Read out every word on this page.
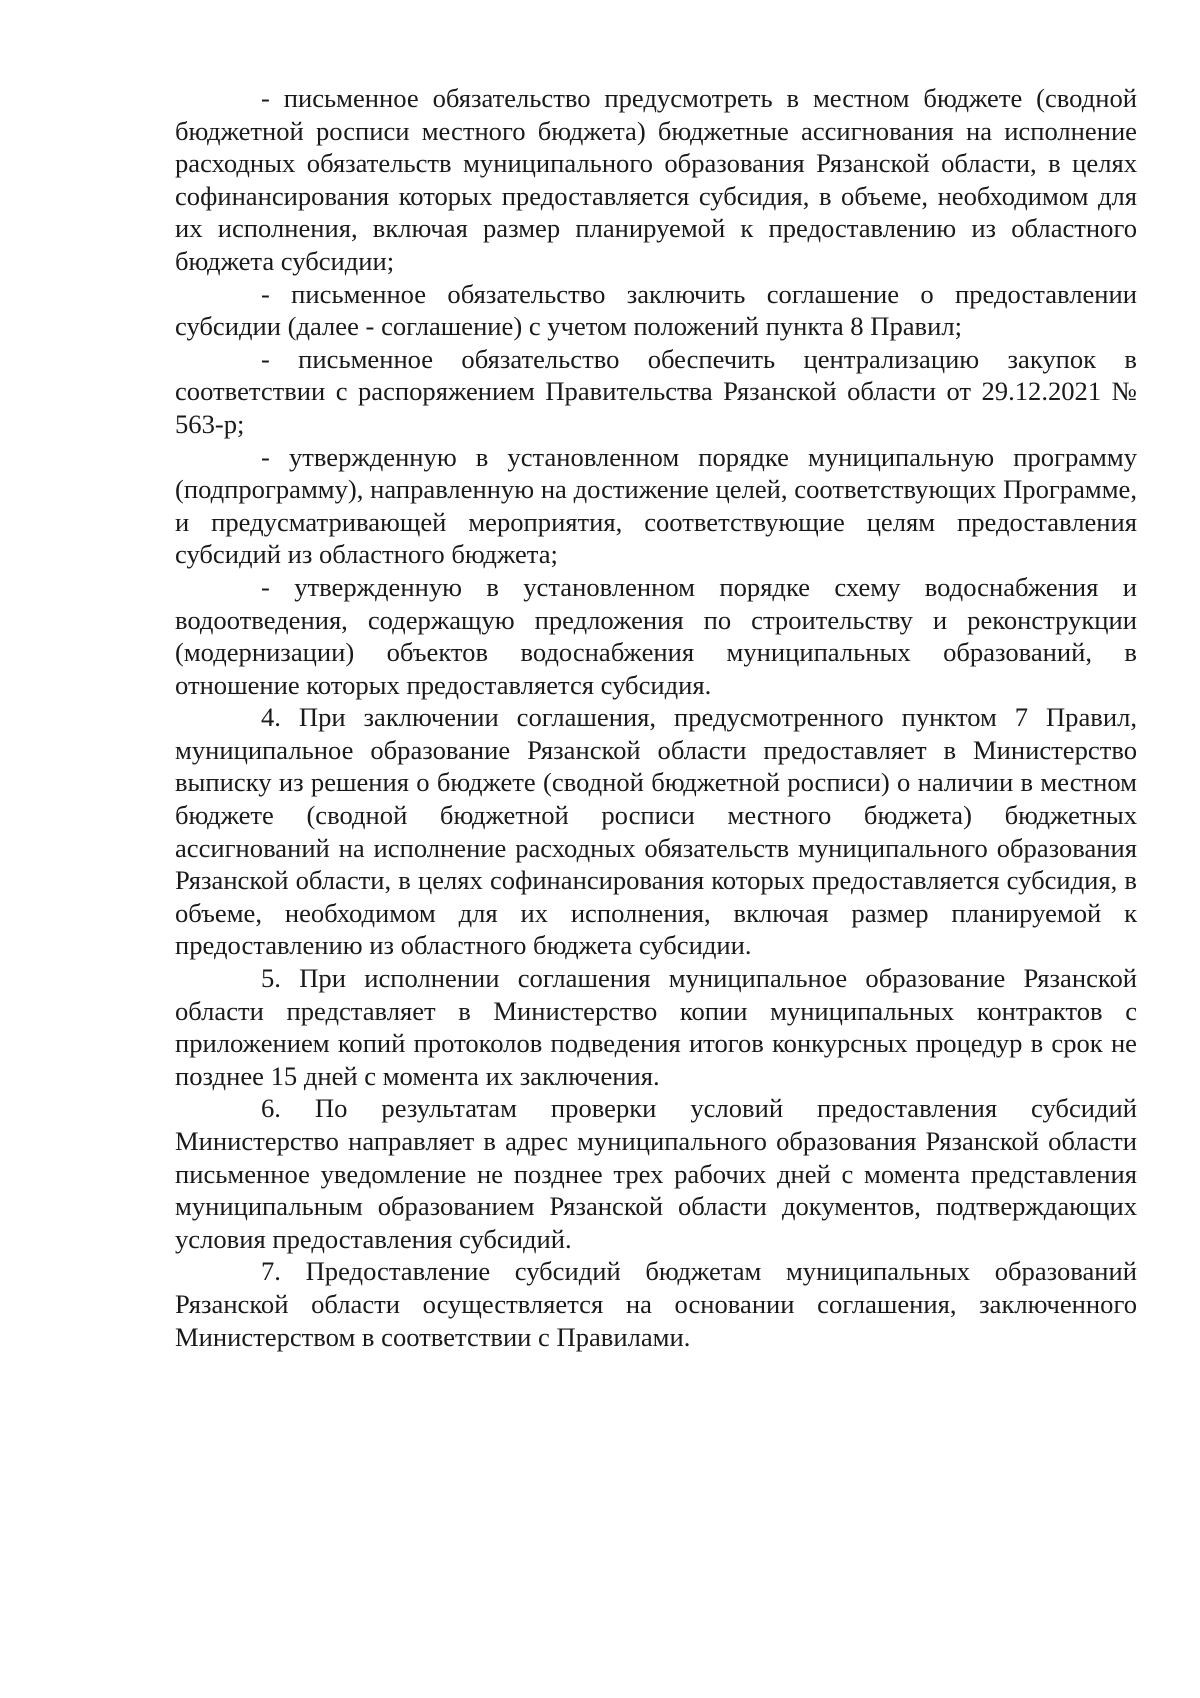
- письменное обязательство предусмотреть в местном бюджете (сводной бюджетной росписи местного бюджета) бюджетные ассигнования на исполнение расходных обязательств муниципального образования Рязанской области, в целях софинансирования которых предоставляется субсидия, в объеме, необходимом для их исполнения, включая размер планируемой к предоставлению из областного бюджета субсидии;

- письменное обязательство заключить соглашение о предоставлении субсидии (далее - соглашение) с учетом положений пункта 8 Правил;

- письменное обязательство обеспечить централизацию закупок в соответствии с распоряжением Правительства Рязанской области от 29.12.2021 № 563-р;

- утвержденную в установленном порядке муниципальную программу (подпрограмму), направленную на достижение целей, соответствующих Программе, и предусматривающей мероприятия, соответствующие целям предоставления субсидий из областного бюджета;

- утвержденную в установленном порядке схему водоснабжения и водоотведения, содержащую предложения по строительству и реконструкции (модернизации) объектов водоснабжения муниципальных образований, в отношение которых предоставляется субсидия.

4. При заключении соглашения, предусмотренного пунктом 7 Правил, муниципальное образование Рязанской области предоставляет в Министерство выписку из решения о бюджете (сводной бюджетной росписи) о наличии в местном бюджете (сводной бюджетной росписи местного бюджета) бюджетных ассигнований на исполнение расходных обязательств муниципального образования Рязанской области, в целях софинансирования которых предоставляется субсидия, в объеме, необходимом для их исполнения, включая размер планируемой к предоставлению из областного бюджета субсидии.

5. При исполнении соглашения муниципальное образование Рязанской области представляет в Министерство копии муниципальных контрактов с приложением копий протоколов подведения итогов конкурсных процедур в срок не позднее 15 дней с момента их заключения.

6. По результатам проверки условий предоставления субсидий Министерство направляет в адрес муниципального образования Рязанской области письменное уведомление не позднее трех рабочих дней с момента представления муниципальным образованием Рязанской области документов, подтверждающих условия предоставления субсидий.

7. Предоставление субсидий бюджетам муниципальных образований Рязанской области осуществляется на основании соглашения, заключенного Министерством в соответствии с Правилами.
